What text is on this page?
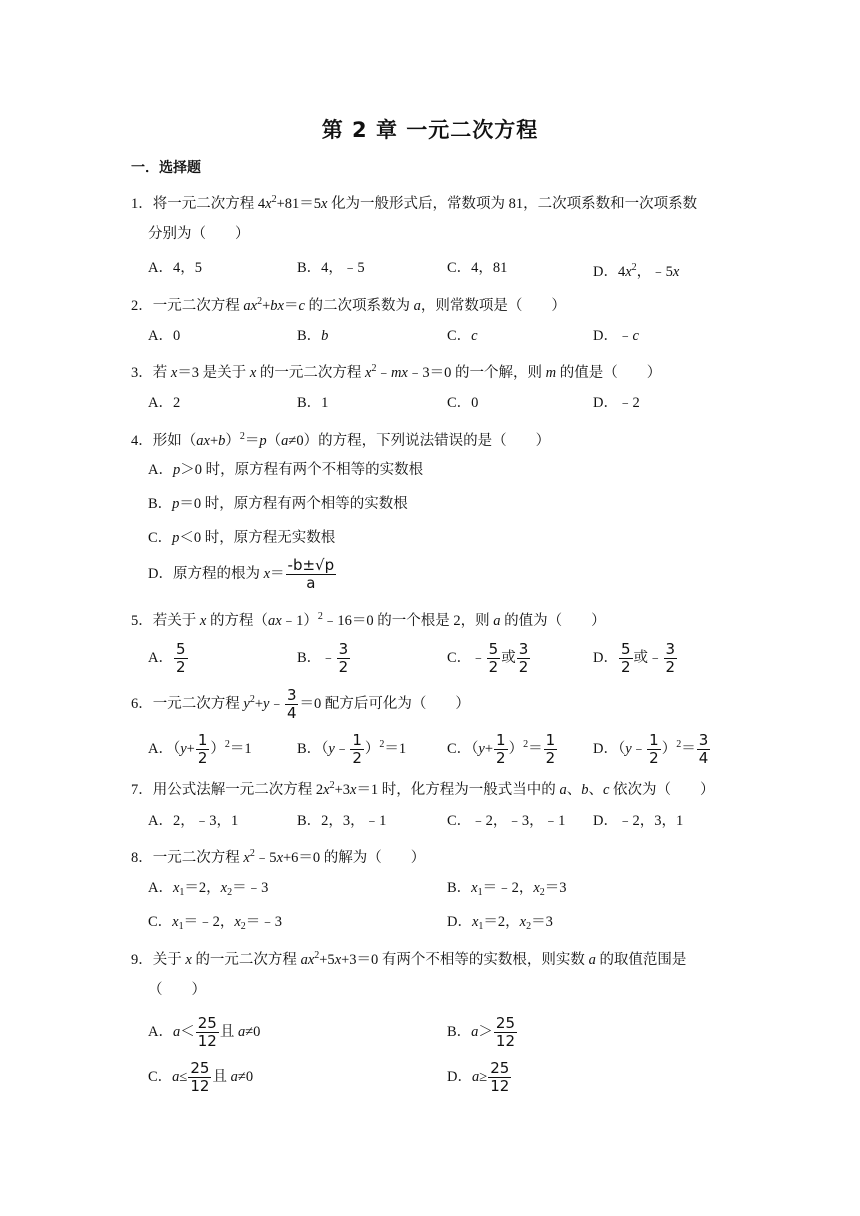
第 2 章 一元二次方程
一．选择题
1．将一元二次方程 $4x^2+81=5x$ 化为一般形式后，常数项为 81，二次项系数和一次项系数
分别为（　　）
A．4，5	B．4，﹣5	C．4，81	D．$4x^2$，﹣5x
2．一元二次方程 $ax^2+bx=c$ 的二次项系数为 a，则常数项是（　　）
A．0	B．b	C．c	D．﹣c
3．若 x＝3 是关于 x 的一元二次方程 $x^2﹣mx﹣3=0$ 的一个解，则 m 的值是（　　）
A．2	B．1	C．0	D．﹣2
4．形如$(ax+b)^2=p(a\ne 0)$的方程，下列说法错误的是（　　）
A．p＞0 时，原方程有两个不相等的实数根
B．p＝0 时，原方程有两个相等的实数根
C．p＜0 时，原方程无实数根
D．原方程的根为 $x= \frac{-b\pm√p}{a}$
5．若关于 x 的方程（ax﹣1）$^2$﹣16＝0 的一个根是 2，则 a 的值为（　　）
A． $\frac{5}{2}$	B．﹣ $\frac{3}{2}$	C．﹣ $\frac{5}{2}$ 或 $\frac{3}{2}$	D． $\frac{5}{2}$ 或﹣ $\frac{3}{2}$
6．一元二次方程 $y^2+y﹣ \frac{3}{4} =0$ 配方后可化为（　　）
A．$(y+ \frac{1}{2} )^2=1$	B．（y﹣ $\frac{1}{2} )^2=1$	C．$(y+ \frac{1}{2} )^2= \frac{1}{2}$ D．（y﹣ $\frac{1}{2} )^2= \frac{3}{4}$
7．用公式法解一元二次方程 $2x^2+3x=1$ 时，化方程为一般式当中的 a、b、c 依次为（　　）
A．2，﹣3，1	B．2，3，﹣1	C．﹣2，﹣3，﹣1 D．﹣2，3，1
8．一元二次方程 $x^2﹣5x+6=0$ 的解为（　　）
A．$x_1=2$，$x_2=﹣3$	B．$x_1=﹣2$，$x_2=3$
C．$x_1=﹣2$，$x_2=﹣3$	D．$x_1=2$，$x_2=3$
9．关于 x 的一元二次方程 $ax^2+5x+3=0$ 有两个不相等的实数根，则实数 a 的取值范围是
（　　）
A．$a< \frac{25}{12}$ 且 a≠0	B．$a> \frac{25}{12}$
C．$a\le \frac{25}{12}$ 且 a≠0	D．$a\ge \frac{25}{12}$
